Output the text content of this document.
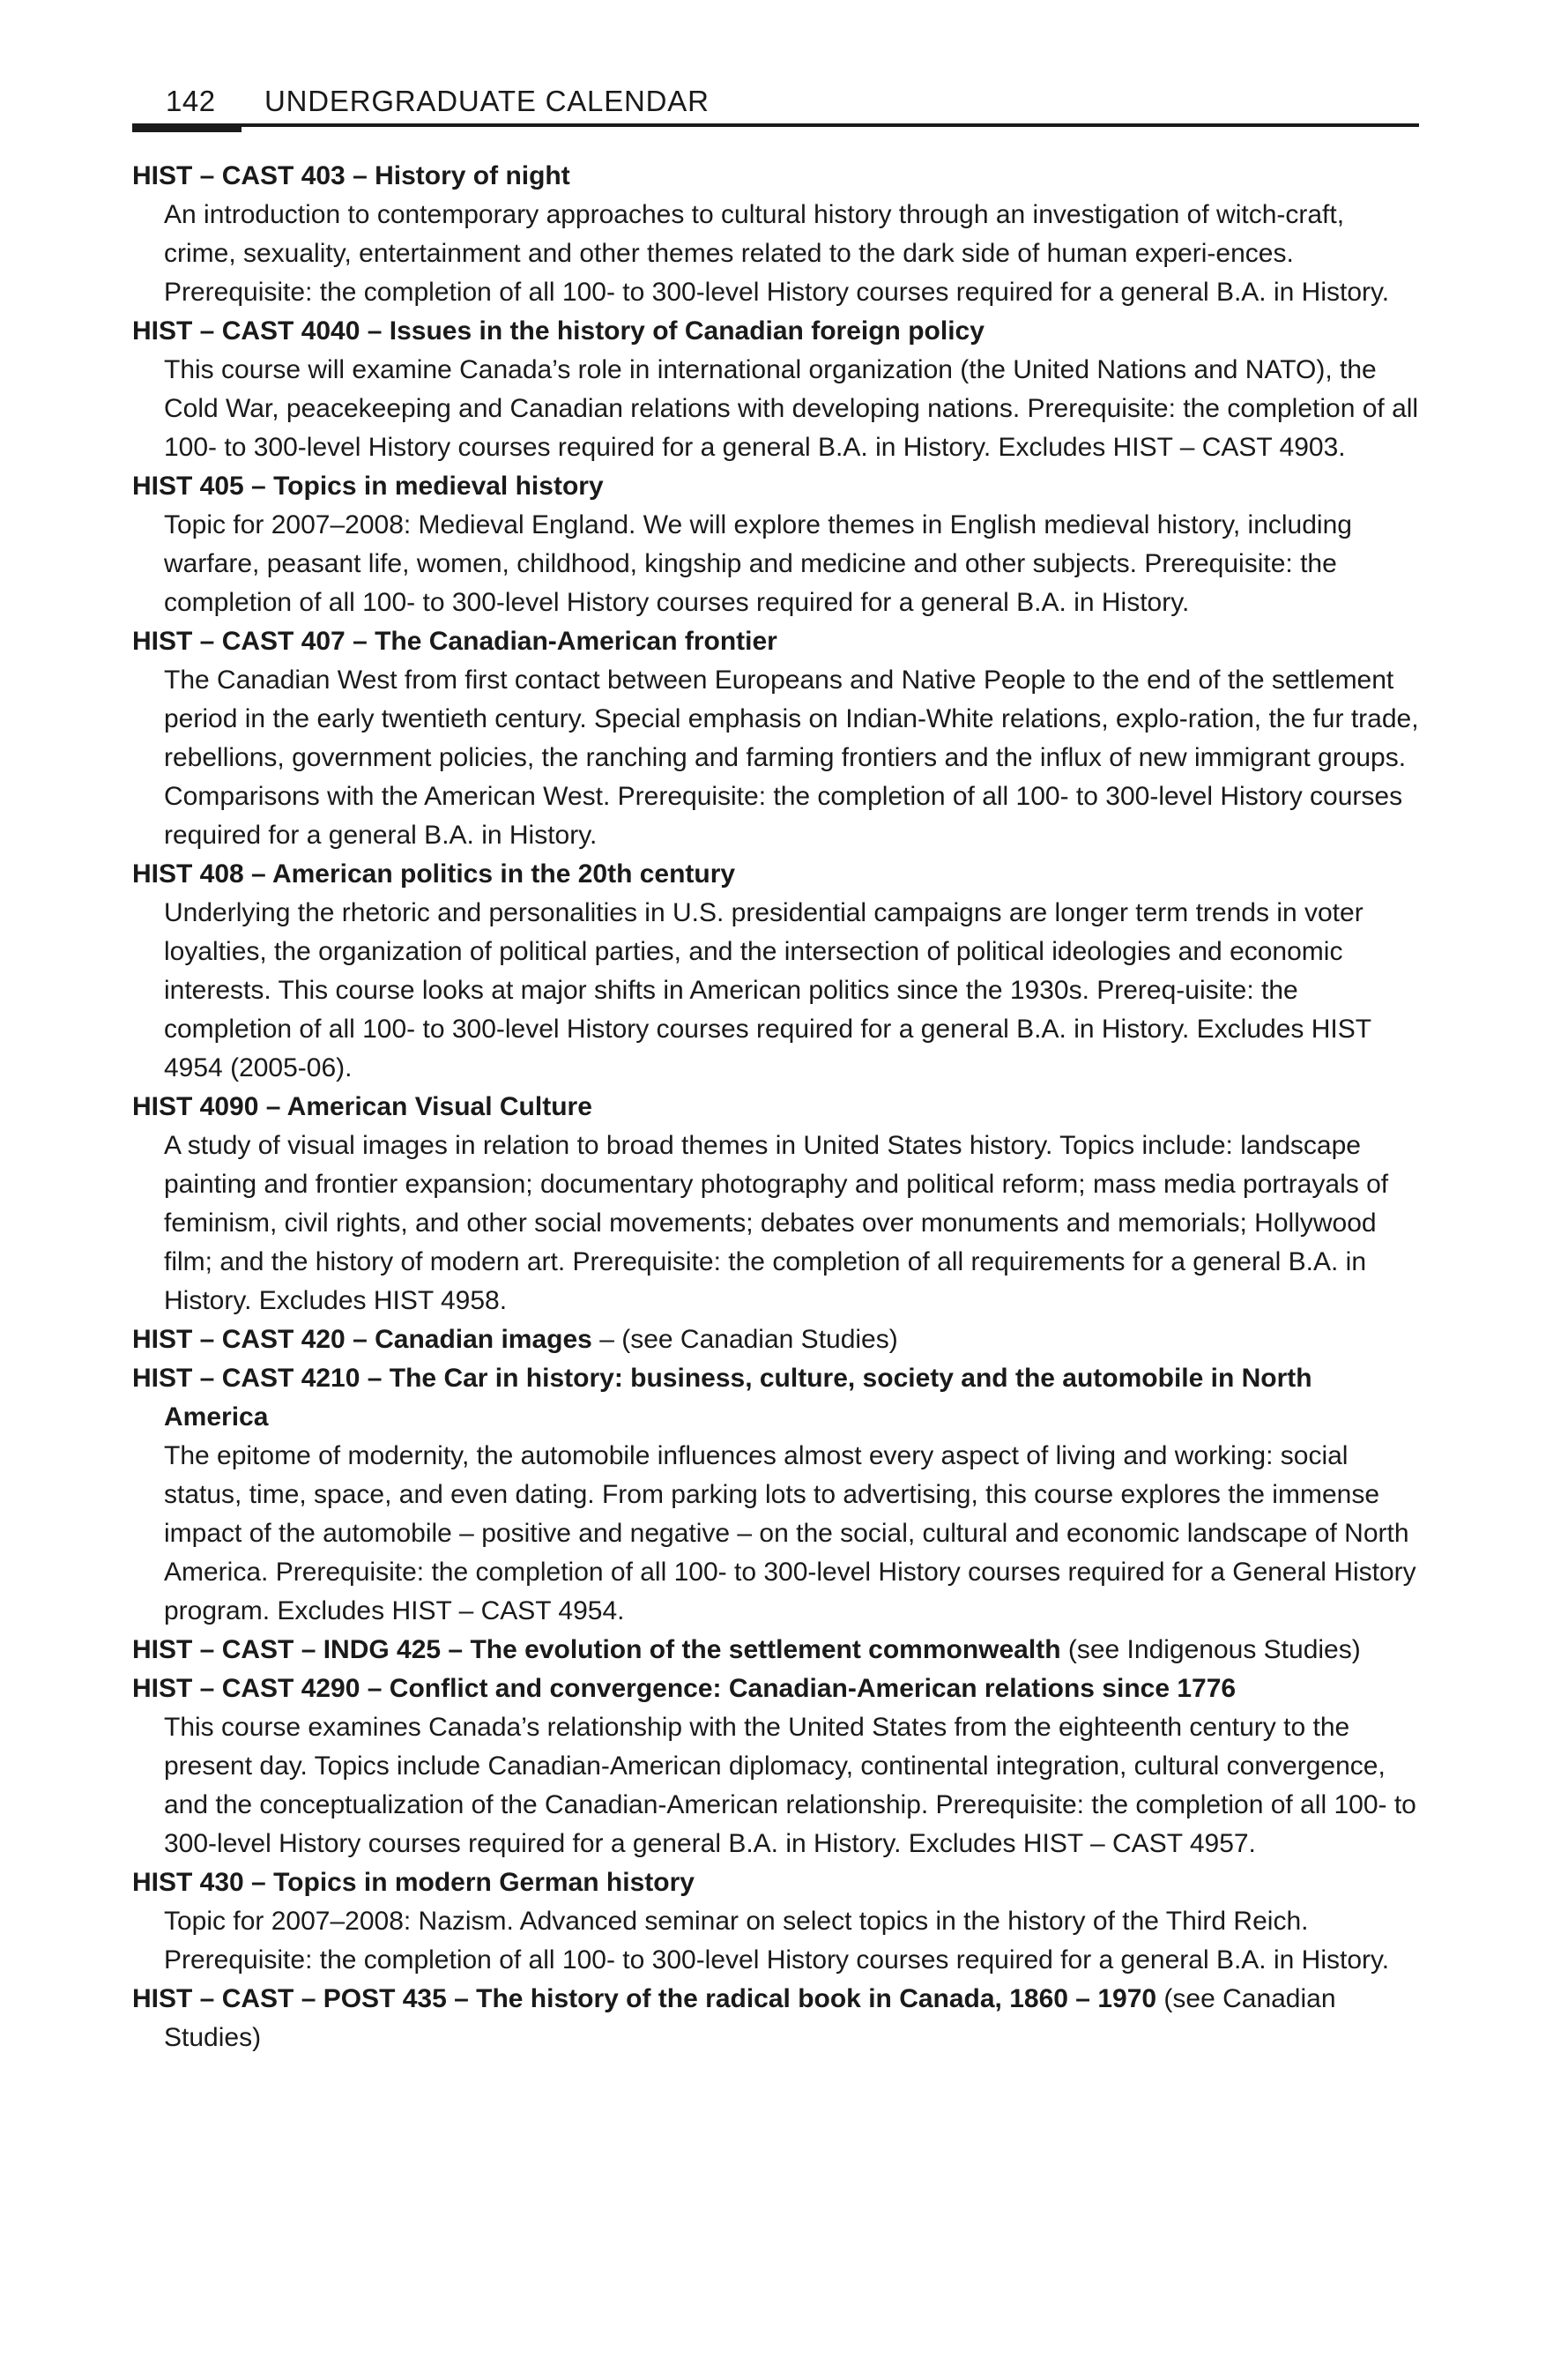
142 UNDERGRADUATE CALENDAR

HIST – CAST 403 – History of night

An introduction to contemporary approaches to cultural history through an investigation of witch-craft, crime, sexuality, entertainment and other themes related to the dark side of human experi-ences. Prerequisite: the completion of all 100- to 300-level History courses required for a general B.A. in History.

HIST – CAST 4040 – Issues in the history of Canadian foreign policy

This course will examine Canada’s role in international organization (the United Nations and NATO), the Cold War, peacekeeping and Canadian relations with developing nations. Prerequisite: the completion of all 100- to 300-level History courses required for a general B.A. in History. Excludes HIST – CAST 4903.

HIST 405 – Topics in medieval history

Topic for 2007–2008: Medieval England. We will explore themes in English medieval history, including warfare, peasant life, women, childhood, kingship and medicine and other subjects. Prerequisite: the completion of all 100- to 300-level History courses required for a general B.A. in History.

HIST – CAST 407 – The Canadian-American frontier

The Canadian West from first contact between Europeans and Native People to the end of the settlement period in the early twentieth century. Special emphasis on Indian-White relations, explo-ration, the fur trade, rebellions, government policies, the ranching and farming frontiers and the influx of new immigrant groups. Comparisons with the American West. Prerequisite: the completion of all 100- to 300-level History courses required for a general B.A. in History.

HIST 408 – American politics in the 20th century

Underlying the rhetoric and personalities in U.S. presidential campaigns are longer term trends in voter loyalties, the organization of political parties, and the intersection of political ideologies and economic interests. This course looks at major shifts in American politics since the 1930s. Prereq-uisite: the completion of all 100- to 300-level History courses required for a general B.A. in History. Excludes HIST 4954 (2005-06).

HIST 4090 – American Visual Culture

A study of visual images in relation to broad themes in United States history. Topics include: landscape painting and frontier expansion; documentary photography and political reform; mass media portrayals of feminism, civil rights, and other social movements; debates over monuments and memorials; Hollywood film; and the history of modern art. Prerequisite: the completion of all requirements for a general B.A. in History. Excludes HIST 4958.

HIST – CAST 420 – Canadian images – (see Canadian Studies)

HIST – CAST 4210 – The Car in history: business, culture, society and the automobile in North America

The epitome of modernity, the automobile influences almost every aspect of living and working: social status, time, space, and even dating. From parking lots to advertising, this course explores the immense impact of the automobile – positive and negative – on the social, cultural and economic landscape of North America. Prerequisite: the completion of all 100- to 300-level History courses required for a General History program. Excludes HIST – CAST 4954.

HIST – CAST – INDG 425 – The evolution of the settlement commonwealth (see Indigenous Studies)

HIST – CAST 4290 – Conflict and convergence: Canadian-American relations since 1776

This course examines Canada’s relationship with the United States from the eighteenth century to the present day. Topics include Canadian-American diplomacy, continental integration, cultural convergence, and the conceptualization of the Canadian-American relationship. Prerequisite: the completion of all 100- to 300-level History courses required for a general B.A. in History. Excludes HIST – CAST 4957.

HIST 430 – Topics in modern German history

Topic for 2007–2008: Nazism. Advanced seminar on select topics in the history of the Third Reich. Prerequisite: the completion of all 100- to 300-level History courses required for a general B.A. in History.

HIST – CAST – POST 435 – The history of the radical book in Canada, 1860 – 1970 (see Canadian Studies)
